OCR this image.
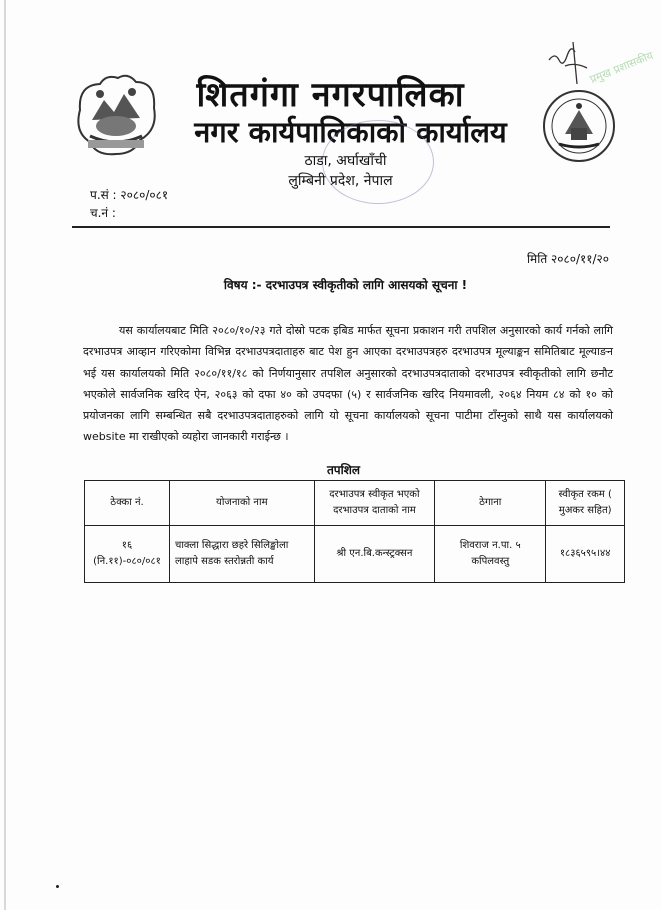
प्रमुख प्रशासकीय
शितगंगा नगरपालिका
नगर कार्यपालिकाको कार्यालय
ठाडा, अर्घाखाँची
लुम्बिनी प्रदेश, नेपाल
प.सं : २०८०/०८१
च.नं :
मिति २०८०/११/२०
विषय :- दरभाउपत्र स्वीकृतीको लागि आसयको सूचना !
यस कार्यालयबाट मिति २०८०/१०/२३ गते दोस्रो पटक इबिड मार्फत सूचना प्रकाशन गरी तपशिल अनुसारको कार्य गर्नको लागि दरभाउपत्र आव्हान गरिएकोमा विभिन्न दरभाउपत्रदाताहरु बाट पेश हुन आएका दरभाउपत्रहरु दरभाउपत्र मूल्याङ्कन समितिबाट मूल्याङन भई यस कार्यालयको मिति २०८०/११/१८ को निर्णयानुसार तपशिल अनुसारको दरभाउपत्रदाताको दरभाउपत्र स्वीकृतीको लागि छनौट भएकोले सार्वजनिक खरिद ऐन, २०६३ को दफा ४० को उपदफा (५) र सार्वजनिक खरिद नियमावली, २०६४ नियम ८४ को १० को प्रयोजनका लागि सम्बन्धित सबै दरभाउपत्रदाताहरुको लागि यो सूचना कार्यालयको सूचना पाटीमा टाँस्नुको साथै यस कार्यालयको website मा राखीएको व्यहोरा जानकारी गराईन्छ ।
तपशिल
ठेक्का नं.	योजनाको नाम	दरभाउपत्र स्वीकृत भएको दरभाउपत्र दाताको नाम	ठेगाना	स्वीकृत रकम ( मुअकर सहित)
१६ (नि.११)-०८०/०८१	चाक्ला सिद्धारा छहरे सिलिङ्खोला लाहापे सडक स्तरोन्नती कार्य	श्री एन.बि.कन्स्ट्रक्सन	शिवराज न.पा. ५ कपिलवस्तु	१८३६५९५।४४
